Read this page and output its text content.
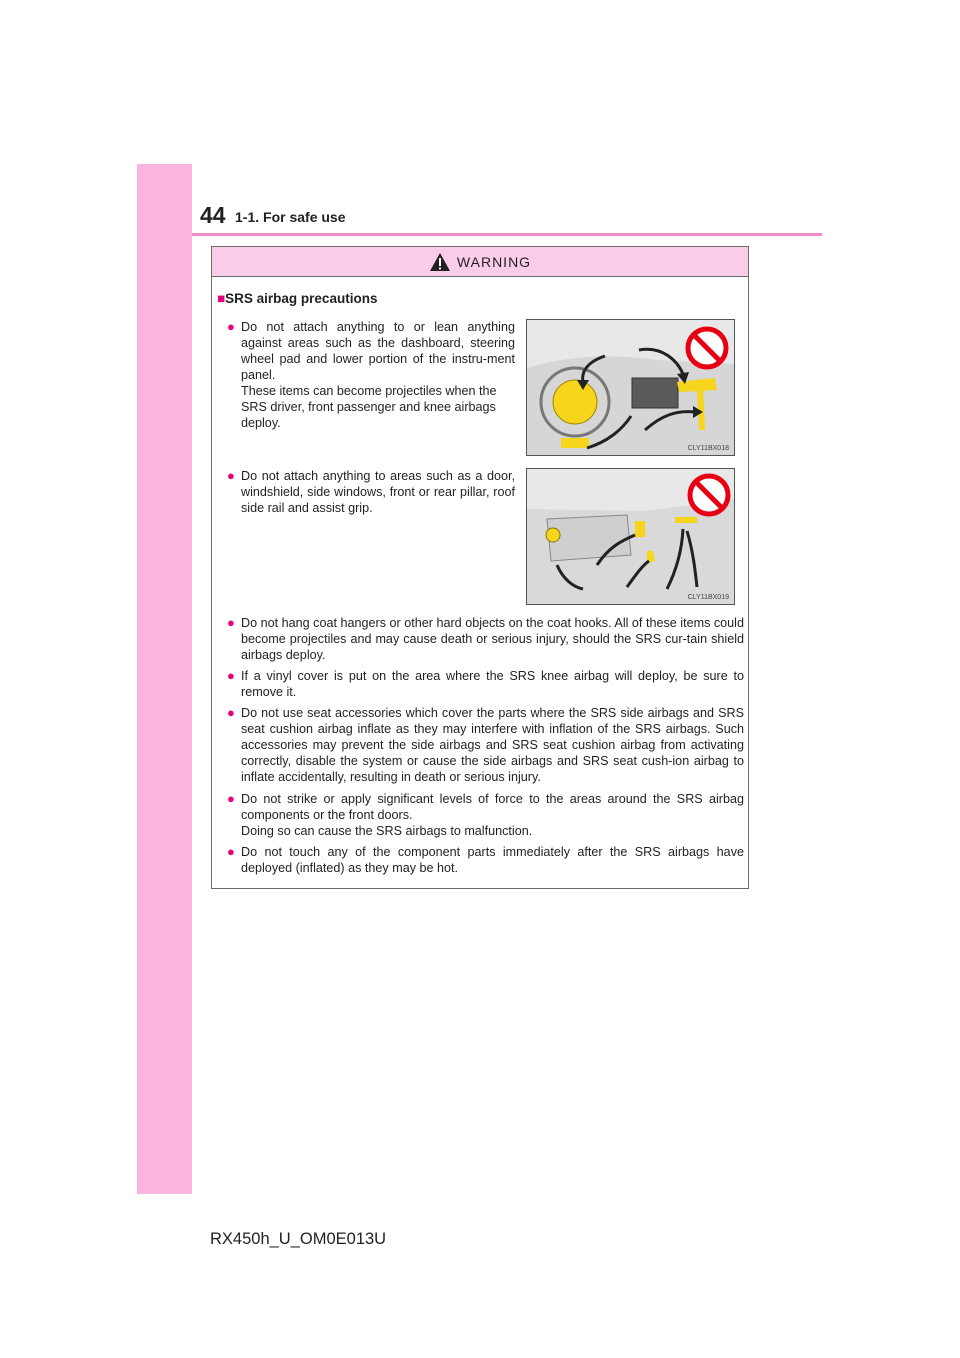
44 1-1. For safe use
WARNING
■SRS airbag precautions
● Do not attach anything to or lean anything against areas such as the dashboard, steering wheel pad and lower portion of the instru-ment panel.

These items can become projectiles when the SRS driver, front passenger and knee airbags deploy.

CLY11BX018
● Do not attach anything to areas such as a door, windshield, side windows, front or rear pillar, roof side rail and assist grip.

CLY11BX019
● Do not hang coat hangers or other hard objects on the coat hooks. All of these items could become projectiles and may cause death or serious injury, should the SRS cur-tain shield airbags deploy.

● If a vinyl cover is put on the area where the SRS knee airbag will deploy, be sure to remove it.

● Do not use seat accessories which cover the parts where the SRS side airbags and SRS seat cushion airbag inflate as they may interfere with inflation of the SRS airbags. Such accessories may prevent the side airbags and SRS seat cushion airbag from activating correctly, disable the system or cause the side airbags and SRS seat cush-ion airbag to inflate accidentally, resulting in death or serious injury.

● Do not strike or apply significant levels of force to the areas around the SRS airbag components or the front doors.

Doing so can cause the SRS airbags to malfunction.

● Do not touch any of the component parts immediately after the SRS airbags have deployed (inflated) as they may be hot.

RX450h_U_OM0E013U
